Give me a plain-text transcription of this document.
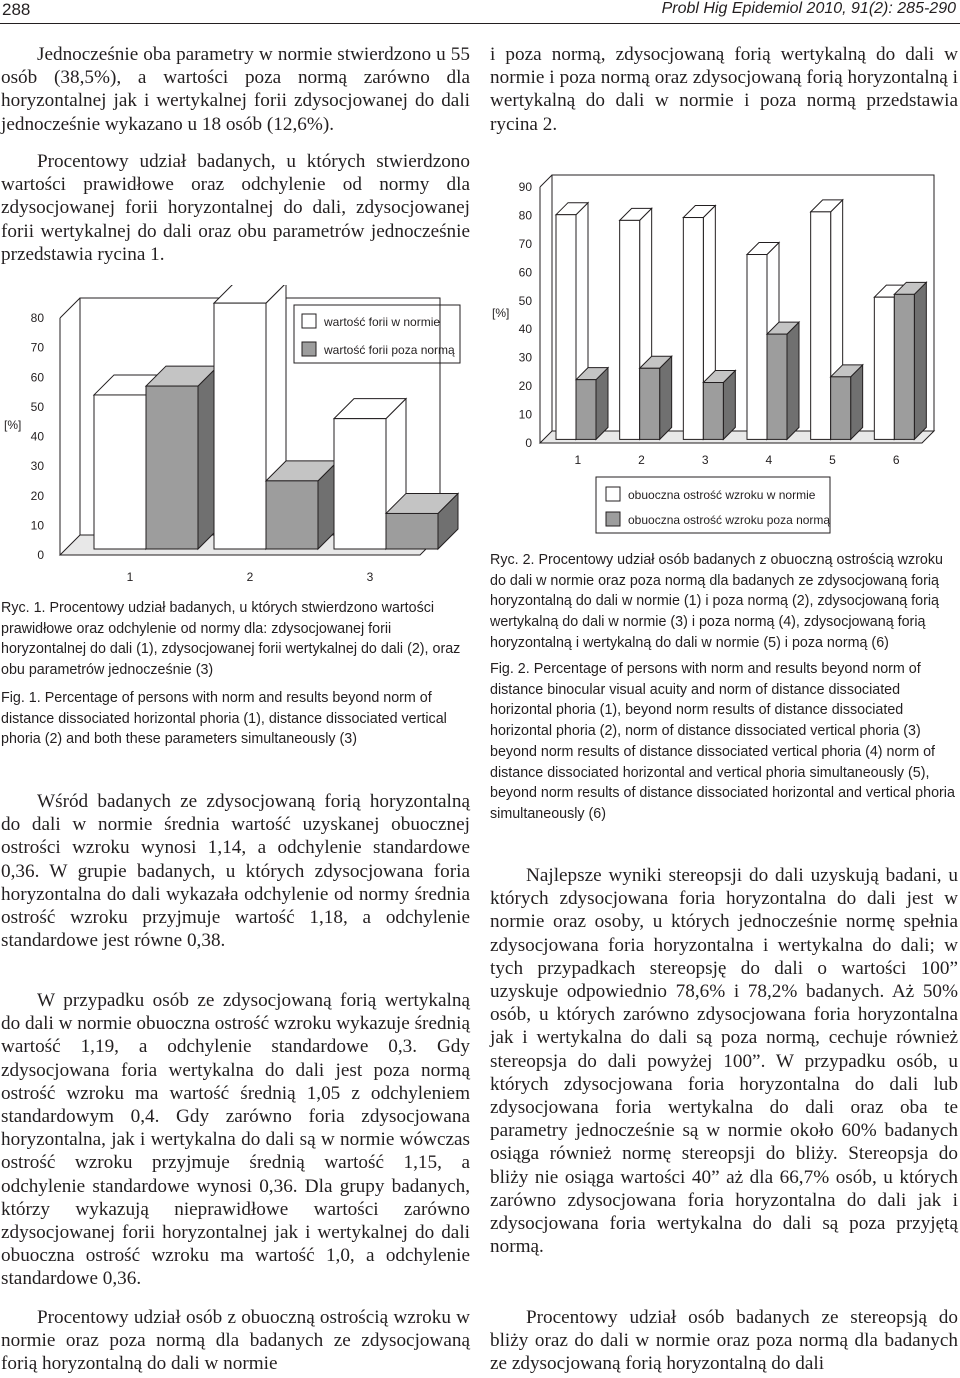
288	Probl Hig Epidemiol 2010, 91(2): 285-290

Jednocześnie oba parametry w normie stwierdzono u 55 osób (38,5%), a wartości poza normą zarówno dla horyzontalnej jak i wertykalnej forii zdysocjowanej do dali jednocześnie wykazano u 18 osób (12,6%).

Procentowy udział badanych, u których stwierdzono wartości prawidłowe oraz odchylenie od normy dla zdysocjowanej forii horyzontalnej do dali, zdysocjowanej forii wertykalnej do dali oraz obu parametrów jednocześnie przedstawia rycina 1.

0
10
20
30
40
50
60
70
80
[%]
1	2	3
wartość forii w normie
wartość forii poza normą

Ryc. 1. Procentowy udział badanych, u których stwierdzono wartości prawidłowe oraz odchylenie od normy dla: zdysocjowanej forii horyzontalnej do dali (1), zdysocjowanej forii wertykalnej do dali (2), oraz obu parametrów jednocześnie (3)

Fig. 1. Percentage of persons with norm and results beyond norm of distance dissociated horizontal phoria (1), distance dissociated vertical phoria (2) and both these parameters simultaneously (3)

Wśród badanych ze zdysocjowaną forią horyzontalną do dali w normie średnia wartość uzyskanej obuocznej ostrości wzroku wynosi 1,14, a odchylenie standardowe 0,36. W grupie badanych, u których zdysocjowana foria horyzontalna do dali wykazała odchylenie od normy średnia ostrość wzroku przyjmuje wartość 1,18, a odchylenie standardowe jest równe 0,38.

W przypadku osób ze zdysocjowaną forią wertykalną do dali w normie obuoczna ostrość wzroku wykazuje średnią wartość 1,19, a odchylenie standardowe 0,3. Gdy zdysocjowana foria wertykalna do dali jest poza normą ostrość wzroku ma wartość średnią 1,05 z odchyleniem standardowym 0,4. Gdy zarówno foria zdysocjowana horyzontalna, jak i wertykalna do dali są w normie wówczas ostrość wzroku przyjmuje średnią wartość 1,15, a odchylenie standardowe wynosi 0,36. Dla grupy badanych, którzy wykazują nieprawidłowe wartości zarówno zdysocjowanej forii horyzontalnej jak i wertykalnej do dali obuoczna ostrość wzroku ma wartość 1,0, a odchylenie standardowe 0,36.

Procentowy udział osób z obuoczną ostrością wzroku w normie oraz poza normą dla badanych ze zdysocjowaną forią horyzontalną do dali w normie

i poza normą, zdysocjowaną forią wertykalną do dali w normie i poza normą oraz zdysocjowaną forią horyzontalną i wertykalną do dali w normie i poza normą przedstawia rycina 2.

0
10
20
30
40
50
60
70
80
90
[%]
1	2	3	4	5	6
obuoczna ostrość wzroku w normie
obuoczna ostrość wzroku poza normą

Ryc. 2. Procentowy udział osób badanych z obuoczną ostrością wzroku do dali w normie oraz poza normą dla badanych ze zdysocjowaną forią horyzontalną do dali w normie (1) i poza normą (2), zdysocjowaną forią wertykalną do dali w normie (3) i poza normą (4), zdysocjowaną forią horyzontalną i wertykalną do dali w normie (5) i poza normą (6)

Fig. 2. Percentage of persons with norm and results beyond norm of distance binocular visual acuity and norm of distance dissociated horizontal phoria (1), beyond norm results of distance dissociated horizontal phoria (2), norm of distance dissociated vertical phoria (3) beyond norm results of distance dissociated vertical phoria (4) norm of distance dissociated horizontal and vertical phoria simultaneously (5), beyond norm results of distance dissociated horizontal and vertical phoria simultaneously (6)

Najlepsze wyniki stereopsji do dali uzyskują badani, u których zdysocjowana foria horyzontalna do dali jest w normie oraz osoby, u których jednocześnie normę spełnia zdysocjowana foria horyzontalna i wertykalna do dali; w tych przypadkach stereopsję do dali o wartości 100” uzyskuje odpowiednio 78,6% i 78,2% badanych. Aż 50% osób, u których zarówno zdysocjowana foria horyzontalna jak i wertykalna do dali są poza normą, cechuje również stereopsja do dali powyżej 100”. W przypadku osób, u których zdysocjowana foria horyzontalna do dali lub zdysocjowana foria wertykalna do dali oraz oba te parametry jednocześnie są w normie około 60% badanych osiąga również normę stereopsji do bliży. Stereopsja do bliży nie osiąga wartości 40” aż dla 66,7% osób, u których zarówno zdysocjowana foria horyzontalna do dali jak i zdysocjowana foria wertykalna do dali są poza przyjętą normą.

Procentowy udział osób badanych ze stereopsją do bliży oraz do dali w normie oraz poza normą dla badanych ze zdysocjowaną forią horyzontalną do dali
